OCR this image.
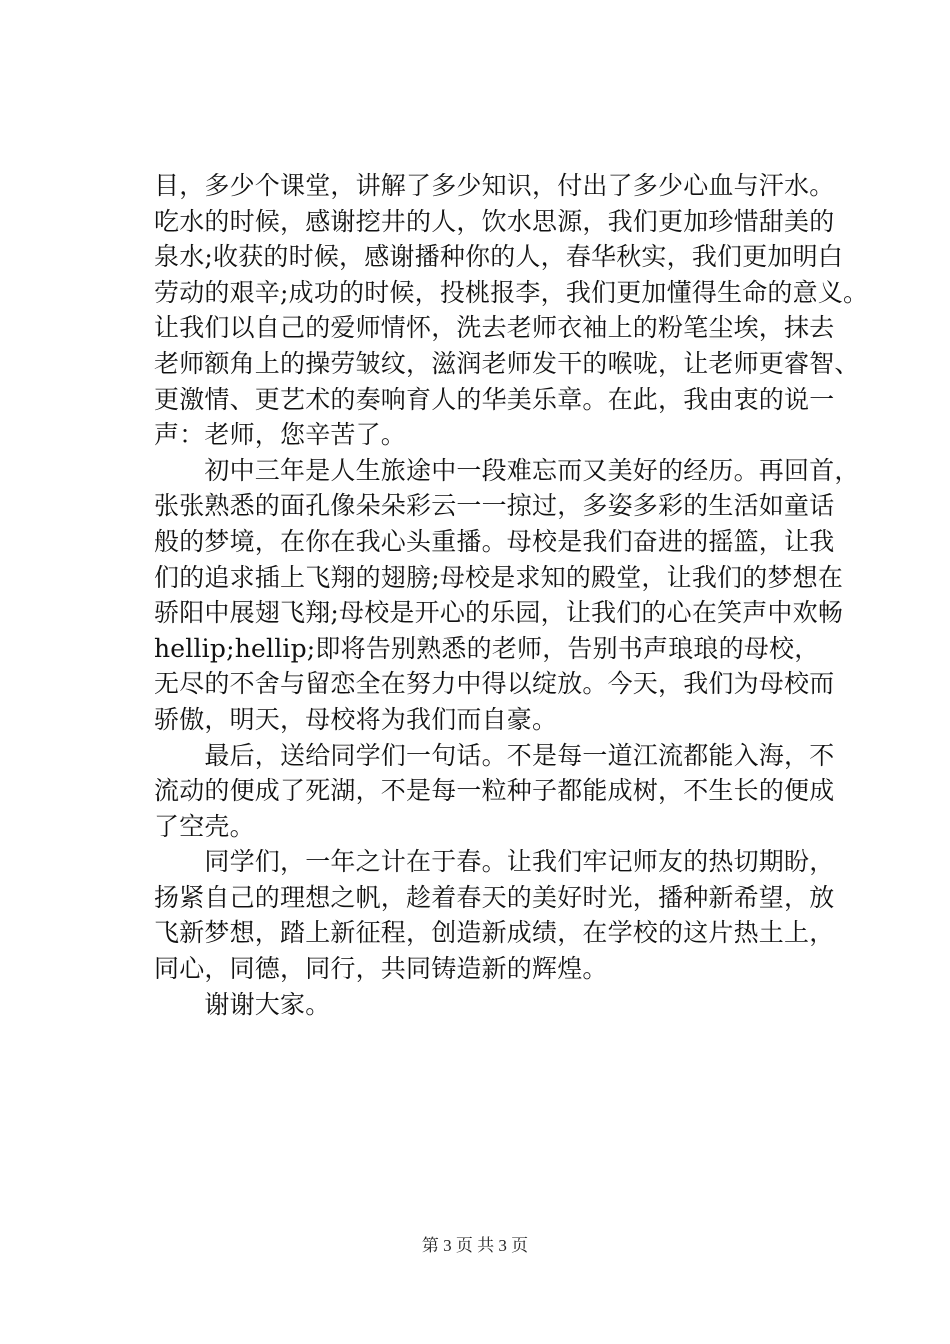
目，多少个课堂，讲解了多少知识，付出了多少心血与汗水。
吃水的时候，感谢挖井的人，饮水思源，我们更加珍惜甜美的
泉水;收获的时候，感谢播种你的人，春华秋实，我们更加明白
劳动的艰辛;成功的时候，投桃报李，我们更加懂得生命的意义。
让我们以自己的爱师情怀，洗去老师衣袖上的粉笔尘埃，抹去
老师额角上的操劳皱纹，滋润老师发干的喉咙，让老师更睿智、
更激情、更艺术的奏响育人的华美乐章。在此，我由衷的说一
声：老师，您辛苦了。
　　初中三年是人生旅途中一段难忘而又美好的经历。再回首，
张张熟悉的面孔像朵朵彩云一一掠过，多姿多彩的生活如童话
般的梦境，在你在我心头重播。母校是我们奋进的摇篮，让我
们的追求插上飞翔的翅膀;母校是求知的殿堂，让我们的梦想在
骄阳中展翅飞翔;母校是开心的乐园，让我们的心在笑声中欢畅
hellip;hellip;即将告别熟悉的老师，告别书声琅琅的母校，
无尽的不舍与留恋全在努力中得以绽放。今天，我们为母校而
骄傲，明天，母校将为我们而自豪。
　　最后，送给同学们一句话。不是每一道江流都能入海，不
流动的便成了死湖，不是每一粒种子都能成树，不生长的便成
了空壳。
　　同学们，一年之计在于春。让我们牢记师友的热切期盼，
扬紧自己的理想之帆，趁着春天的美好时光，播种新希望，放
飞新梦想，踏上新征程，创造新成绩，在学校的这片热土上，
同心，同德，同行，共同铸造新的辉煌。
　　谢谢大家。
第 3 页 共 3 页
